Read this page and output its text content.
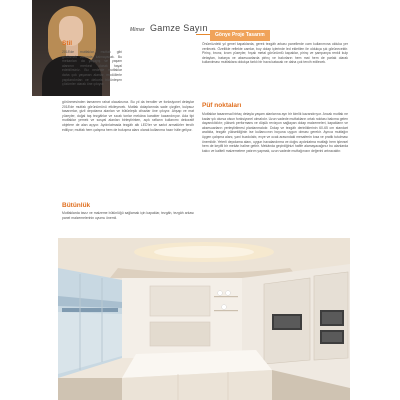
Mimar Gamze Sayın
Gönye Proje Tasarım
Stil

2018'de mutfaklar, mutfak gibi görünmek zorunda kalmayacak. Bu mekanları da yaşayış ve yaşam alanının merkezi olarak hayal edebilirsiniz. Bu nedenle mutfaklar daha çok yaşanan alanlar, modüllerle yapılandırılan ve dekorla bütünleşen çözümler olarak öne çıkıyor.

görünmesinden tamamen rahat olacaksınız. Bu yıl da trendler ve fonksiyonel detaylar 2018'de mutfak görünümünü etkileyecek. Mutfak dolaplarında sade çizgiler, kulpsuz tasarımlar, gizli depolama alanları ve bütünleşik cihazlar öne çıkıyor. Ahşap ve mat yüzeyler, doğal taş tezgâhlar ve sıcak tonlar mekâna karakter kazandırıyor. Ada tipi mutfaklar yemek ve sosyal alanları birleştirirken, açık rafların kullanımı dekoratif objelere de alan açıyor. Aydınlatmada tezgâh altı LED'ler ve sarkıt armatürler tercih ediliyor; mutfak hem çalışma hem de buluşma alanı olarak kullanıma hazır hâle geliyor.

Bütünlük

Mutfaklarda tavız ve malzeme bütünlüğü sağlamak için kapaklar, tezgâh, tezgâh arkası panel malzemelerinin uyumu önemli.

Önümüzdeki yıl genel kapaklarda, gerek tezgâh arkası panellerde cam kullanımına olduka yer verilecek. Özellikle reflekte camlar, boy dolap içlerinde led ekletilen ile oldukça şık görünecektir. Pirinç, bronz, krom yüzeyler, fırçalı metal görünümlü kapaklar, pirinç ve şampanya renkli kulp detayları, batarya ve aksesuarlarda pirinç ve bakırların hem mat hem de parlak olarak kullanılması mutfaklara oldukça farklı bir hava katacak ve daha çok tercih edilecek.

Püf noktaları

Mutfaklar tasarımsal birtaç detayla yaşam alanlarına ayrı bir kimlik kazandırıyor. Ancak mutfak ne kadar şık olursa olsun fonksiyonel olmalıdır. Uzun vadede mutfakların ortak noktası bakıma gelen dayanıklılıktır; yüksek performans ve düşük revizyon sağlayan dolap malzemeleri, kapakların ve aksesuarların yerleştirilmesi planlanmalıdır. Dolap ve tezgâh derinliklerinin 60-65 cm standart aralıkta, tezgâh yüksekliğinin ise kullanıcının boyuna uygun olması gerekir. Ayrıca mutfağın üçgen çalışma alanı, yani buzdolabı, evye ve ocak arasındaki mesafenin kısa ve pratik tutulması önemlidir. Yeterli depolama alanı, uygun havalandırma ve doğru aydınlatma mutfağı hem işlevsel hem de keyifli bir mekân haline getirir. Mekânda geçirdiğinizi hafife alamayacağınız bu alanlarda kalıcı ve kaliteli malzemelere yatırım yapmak, uzun vadede mutfağınızın değerini artıracaktır.
